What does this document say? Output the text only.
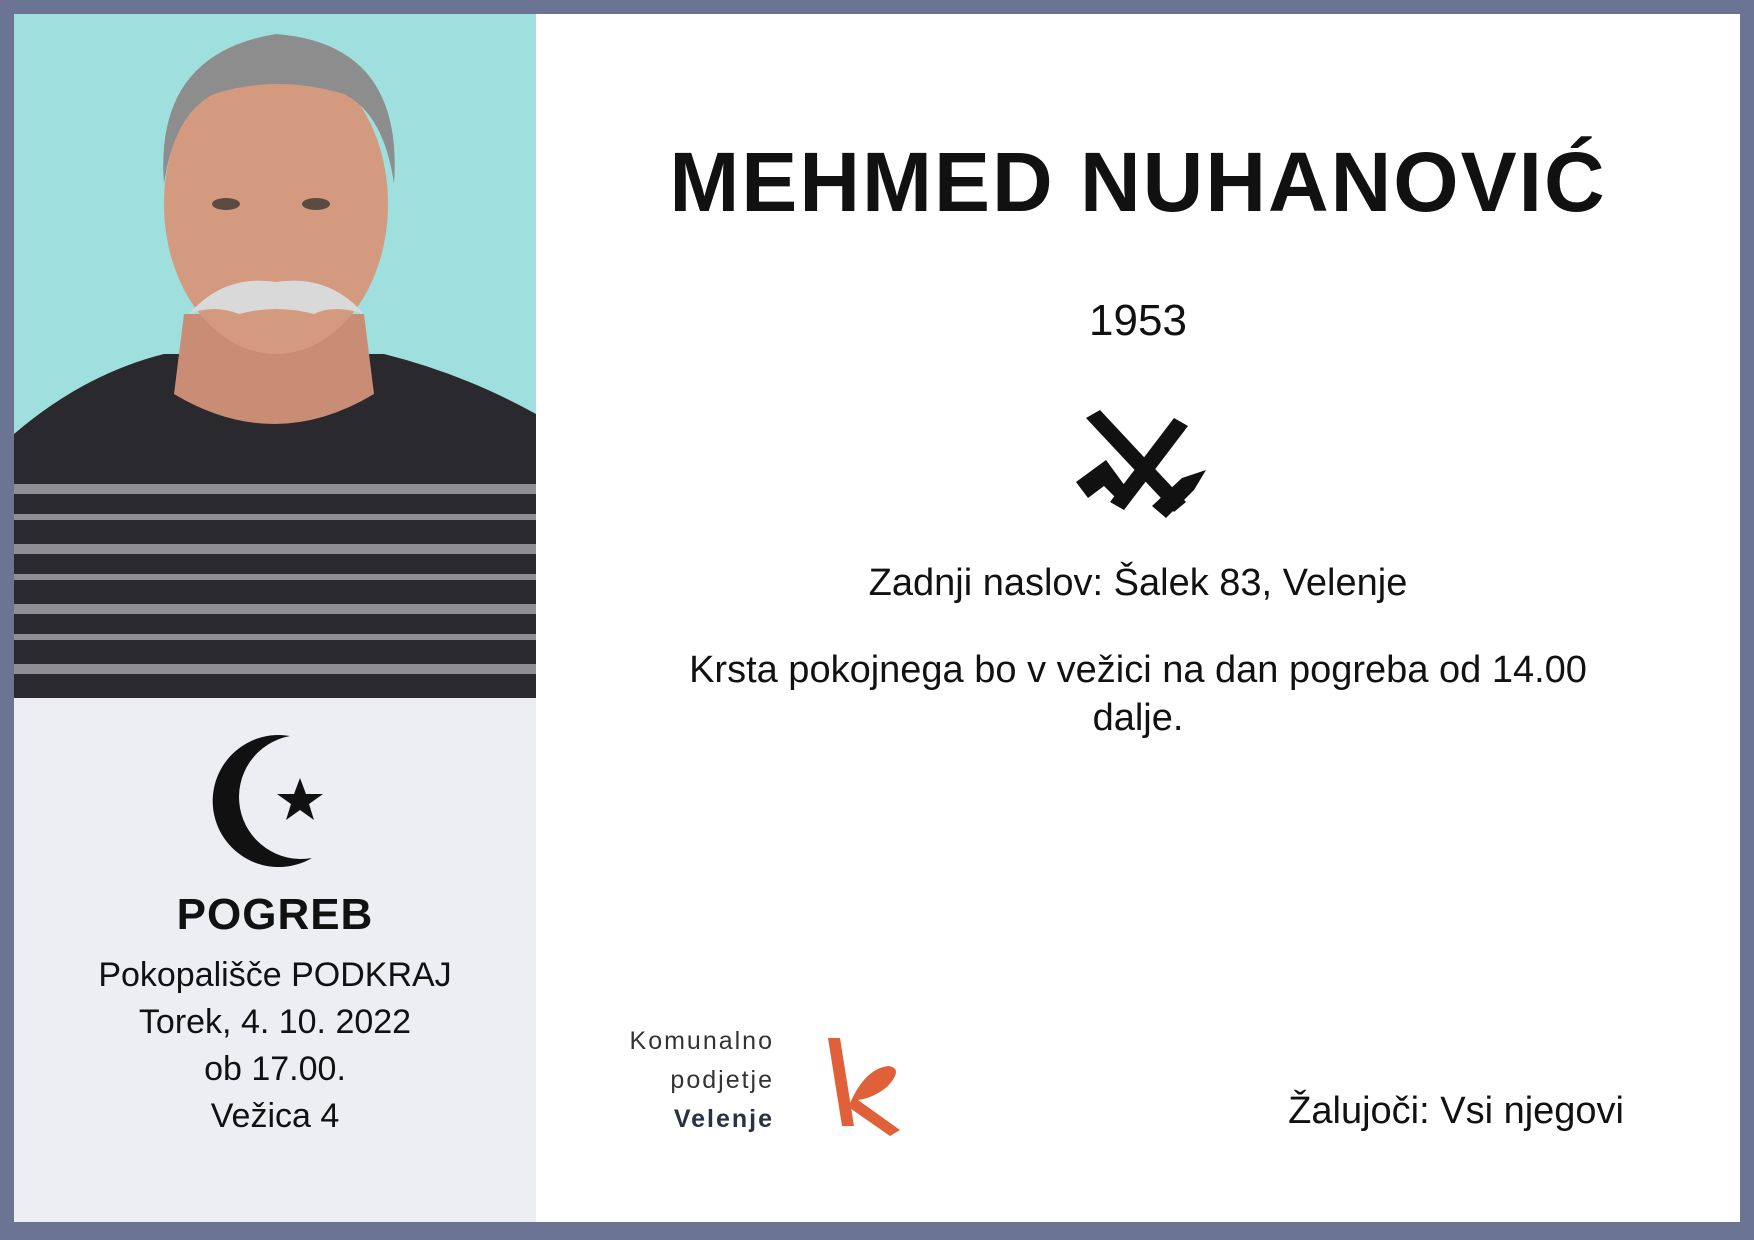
POGREB
Pokopališče PODKRAJ
Torek, 4. 10. 2022
ob 17.00.
Vežica 4
MEHMED NUHANOVIĆ
1953
Zadnji naslov: Šalek 83, Velenje
Krsta pokojnega bo v vežici na dan pogreba od 14.00 dalje.
Komunalno
podjetje
Velenje	Žalujoči: Vsi njegovi
